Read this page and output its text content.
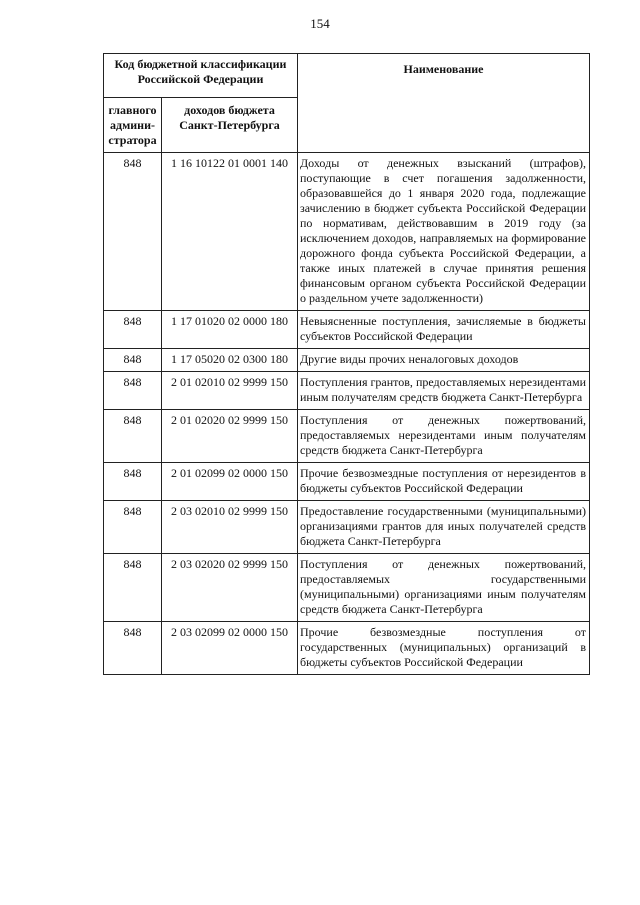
154
Код бюджетной классификации Российской Федерации		Наименование
главного админи-стратора	доходов бюджета Санкт-Петербурга	
848	1 16 10122 01 0001 140	Доходы от денежных взысканий (штрафов), поступающие в счет погашения задолженности, образовавшейся до 1 января 2020 года, подлежащие зачислению в бюджет субъекта Российской Федерации по нормативам, действовавшим в 2019 году (за исключением доходов, направляемых на формирование дорожного фонда субъекта Российской Федерации, а также иных платежей в случае принятия решения финансовым органом субъекта Российской Федерации о раздельном учете задолженности)
848	1 17 01020 02 0000 180	Невыясненные поступления, зачисляемые в бюджеты субъектов Российской Федерации
848	1 17 05020 02 0300 180	Другие виды прочих неналоговых доходов
848	2 01 02010 02 9999 150	Поступления грантов, предоставляемых нерезидентами иным получателям средств бюджета Санкт-Петербурга
848	2 01 02020 02 9999 150	Поступления от денежных пожертвований, предоставляемых нерезидентами иным получателям средств бюджета Санкт-Петербурга
848	2 01 02099 02 0000 150	Прочие безвозмездные поступления от нерезидентов в бюджеты субъектов Российской Федерации
848	2 03 02010 02 9999 150	Предоставление государственными (муниципальными) организациями грантов для иных получателей средств бюджета Санкт-Петербурга
848	2 03 02020 02 9999 150	Поступления от денежных пожертвований, предоставляемых государственными (муниципальными) организациями иным получателям средств бюджета Санкт-Петербурга
848	2 03 02099 02 0000 150	Прочие безвозмездные поступления от государственных (муниципальных) организаций в бюджеты субъектов Российской Федерации
